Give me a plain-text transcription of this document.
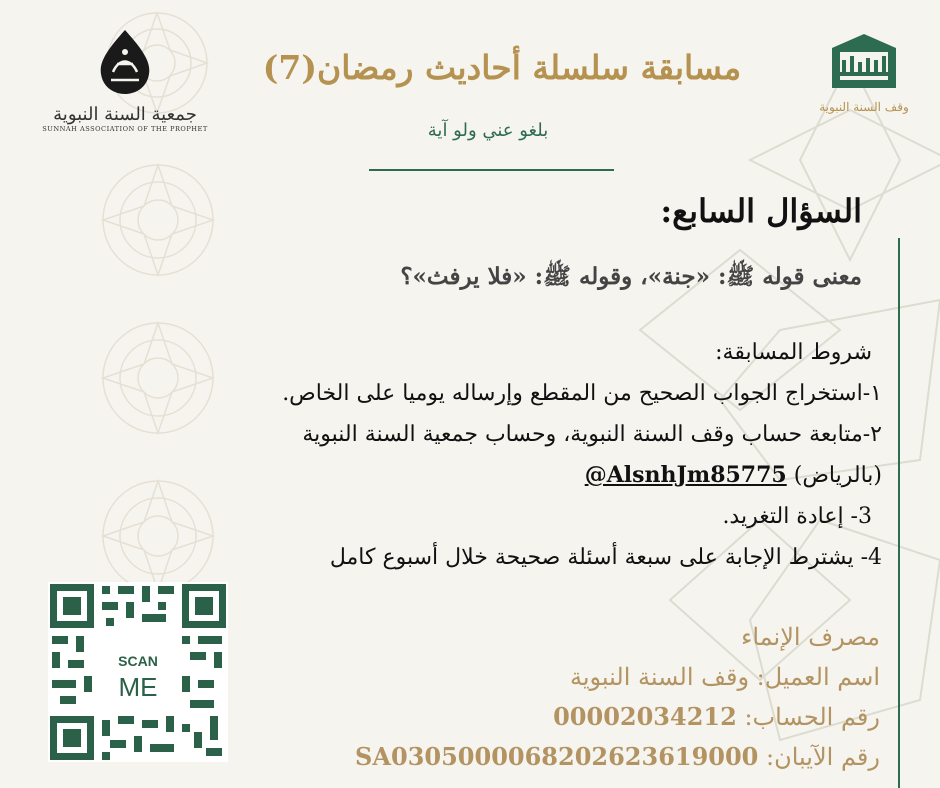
جمعية السنة النبوية
SUNNAH ASSOCIATION OF THE PROPHET
وقف السنة النبوية
مسابقة سلسلة أحاديث رمضان(7)
بلغو عني ولو آية
السؤال السابع:
معنى قوله ﷺ: «جنة»، وقوله ﷺ: «فلا يرفث»؟
شروط المسابقة:
١-استخراج الجواب الصحيح من المقطع وإرساله يوميا على الخاص.
٢-متابعة حساب وقف السنة النبوية، وحساب جمعية السنة النبوية
(بالرياض) @AlsnhJm85775
3- إعادة التغريد.
4- يشترط الإجابة على سبعة أسئلة صحيحة خلال أسبوع كامل
مصرف الإنماء
اسم العميل: وقف السنة النبوية
رقم الحساب: 00002034212
رقم الآيبان: SA0305000068202623619000
SCAN
ME
